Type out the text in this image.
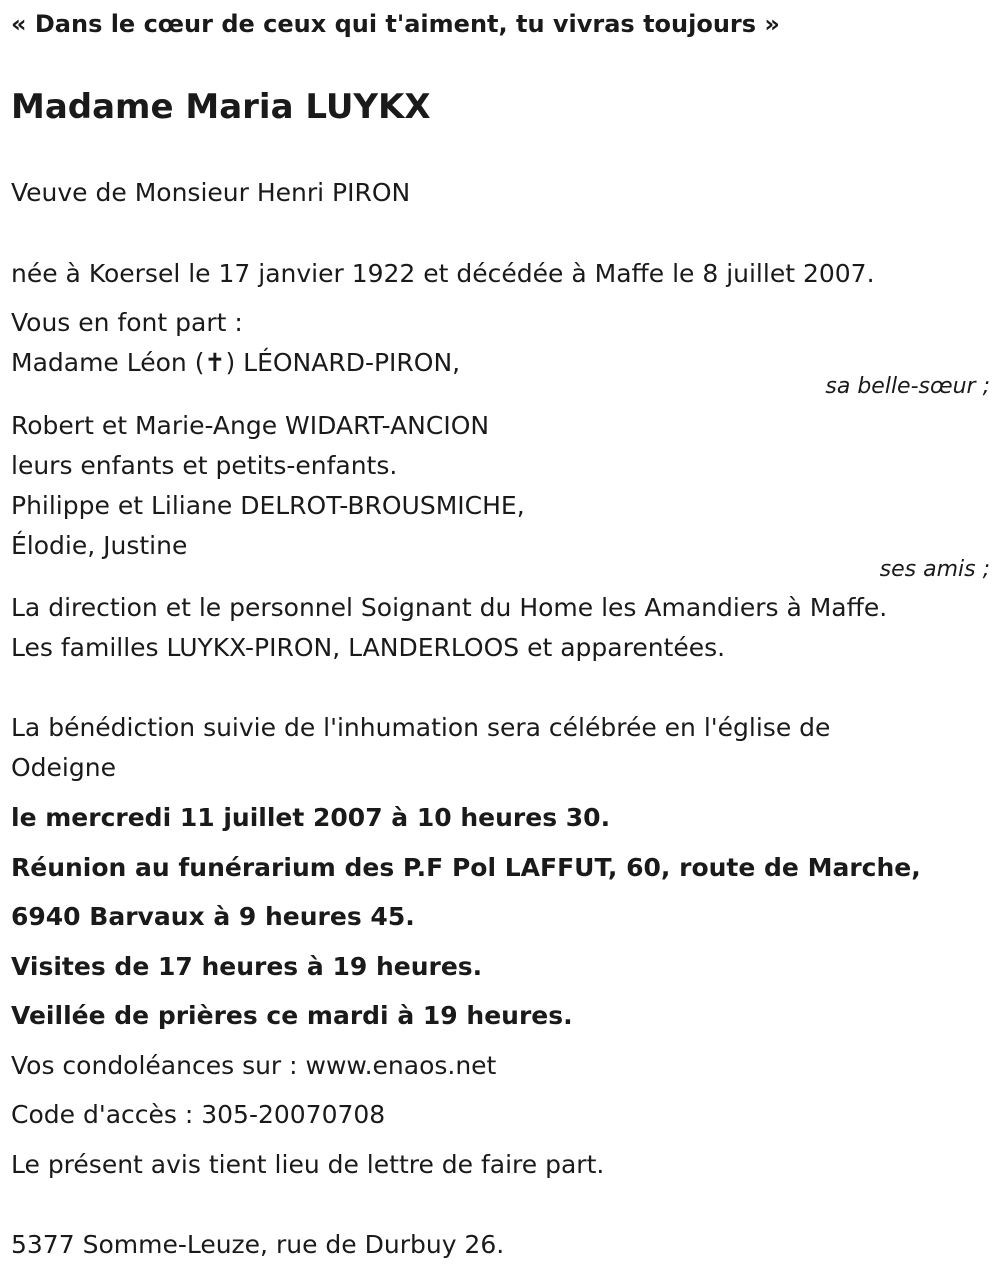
« Dans le cœur de ceux qui t'aiment, tu vivras toujours »
Madame Maria LUYKX
Veuve de Monsieur Henri PIRON
née à Koersel le 17 janvier 1922 et décédée à Maffe le 8 juillet 2007.
Vous en font part :
Madame Léon (✝) LÉONARD-PIRON,
sa belle-sœur ;
Robert et Marie-Ange WIDART-ANCION
leurs enfants et petits-enfants.
Philippe et Liliane DELROT-BROUSMICHE,
Élodie, Justine
ses amis ;
La direction et le personnel Soignant du Home les Amandiers à Maffe.
Les familles LUYKX-PIRON, LANDERLOOS et apparentées.
La bénédiction suivie de l'inhumation sera célébrée en l'église de
Odeigne
le mercredi 11 juillet 2007 à 10 heures 30.
Réunion au funérarium des P.F Pol LAFFUT, 60, route de Marche,
6940 Barvaux à 9 heures 45.
Visites de 17 heures à 19 heures.
Veillée de prières ce mardi à 19 heures.
Vos condoléances sur : www.enaos.net
Code d'accès : 305-20070708
Le présent avis tient lieu de lettre de faire part.
5377 Somme-Leuze, rue de Durbuy 26.
